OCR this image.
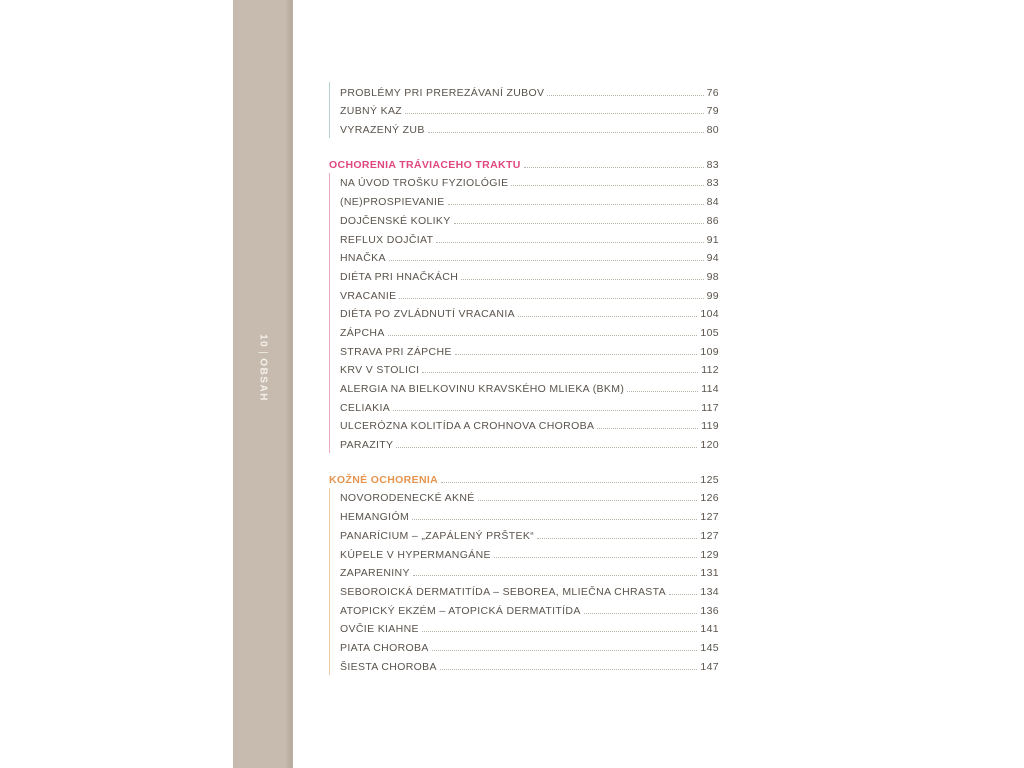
10|OBSAH
PROBLÉMY PRI PREREZÁVANÍ ZUBOV	76
ZUBNÝ KAZ	79
VYRAZENÝ ZUB	80
OCHORENIA TRÁVIACEHO TRAKTU	83
NA ÚVOD TROŠKU FYZIOLÓGIE	83
(NE)PROSPIEVANIE	84
DOJČENSKÉ KOLIKY	86
REFLUX DOJČIAT	91
HNAČKA	94
DIÉTA PRI HNAČKÁCH	98
VRACANIE	99
DIÉTA PO ZVLÁDNUTÍ VRACANIA	104
ZÁPCHA	105
STRAVA PRI ZÁPCHE	109
KRV V STOLICI	112
ALERGIA NA BIELKOVINU KRAVSKÉHO MLIEKA (BKM)	114
CELIAKIA	117
ULCERÓZNA KOLITÍDA A CROHNOVA CHOROBA	119
PARAZITY	120
KOŽNÉ OCHORENIA	125
NOVORODENECKÉ AKNÉ	126
HEMANGIÓM	127
PANARÍCIUM – „ZAPÁLENÝ PRŠTEK“	127
KÚPELE V HYPERMANGÁNE	129
ZAPARENINY	131
SEBOROICKÁ DERMATITÍDA – SEBOREA, MLIEČNA CHRASTA	134
ATOPICKÝ EKZÉM – ATOPICKÁ DERMATITÍDA	136
OVČIE KIAHNE	141
PIATA CHOROBA	145
ŠIESTA CHOROBA	147
